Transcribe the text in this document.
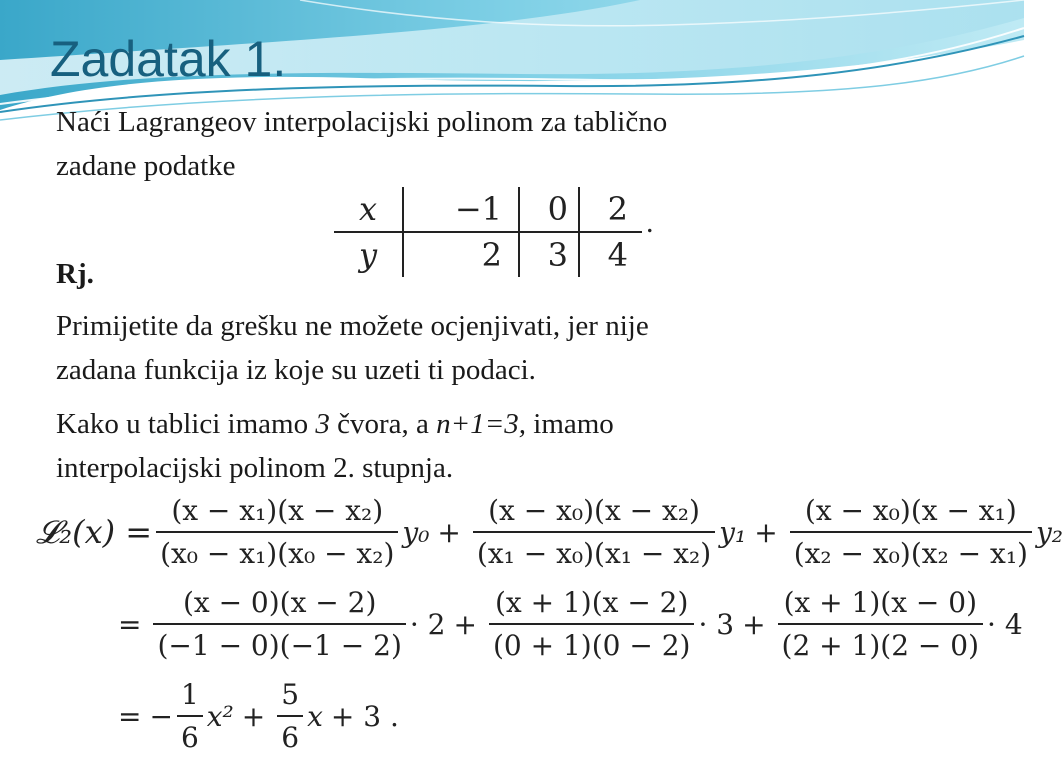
Zadatak 1.

Naći Lagrangeov interpolacijski polinom za tablično
zadane podatke

x	−1	0	2
y	2	3	4
.

Rj.

Primijetite da grešku ne možete ocjenjivati, jer nije
zadana funkcija iz koje su uzeti ti podaci.

Kako u tablici imamo 3 čvora, a n+1=3, imamo
interpolacijski polinom 2. stupnja.

𝓛₂(x) = $\frac{\text{(x − x₁)(x − x₂)}}{\text{(x₀ − x₁)(x₀ − x₂)}} y_0 + \frac{\text{(x − x₀)(x − x₂)}}{\text{(x₁ − x₀)(x₁ − x₂)}} y_1 + \frac{\text{(x − x₀)(x − x₁)}}{\text{(x₂ − x₀)(x₂ − x₁)}} y_2$
= $\frac{(x - 0)(x - 2)}{(-1 - 0)(-1 - 2)} \cdot 2 + \frac{(x + 1)(x - 2)}{(0 + 1)(0 - 2)} \cdot 3 + \frac{(x + 1)(x - 0)}{(2 + 1)(2 - 0)} \cdot 4$
= − $\frac{1}{6} x^2 + \frac{5}{6}$ x + 3 .
